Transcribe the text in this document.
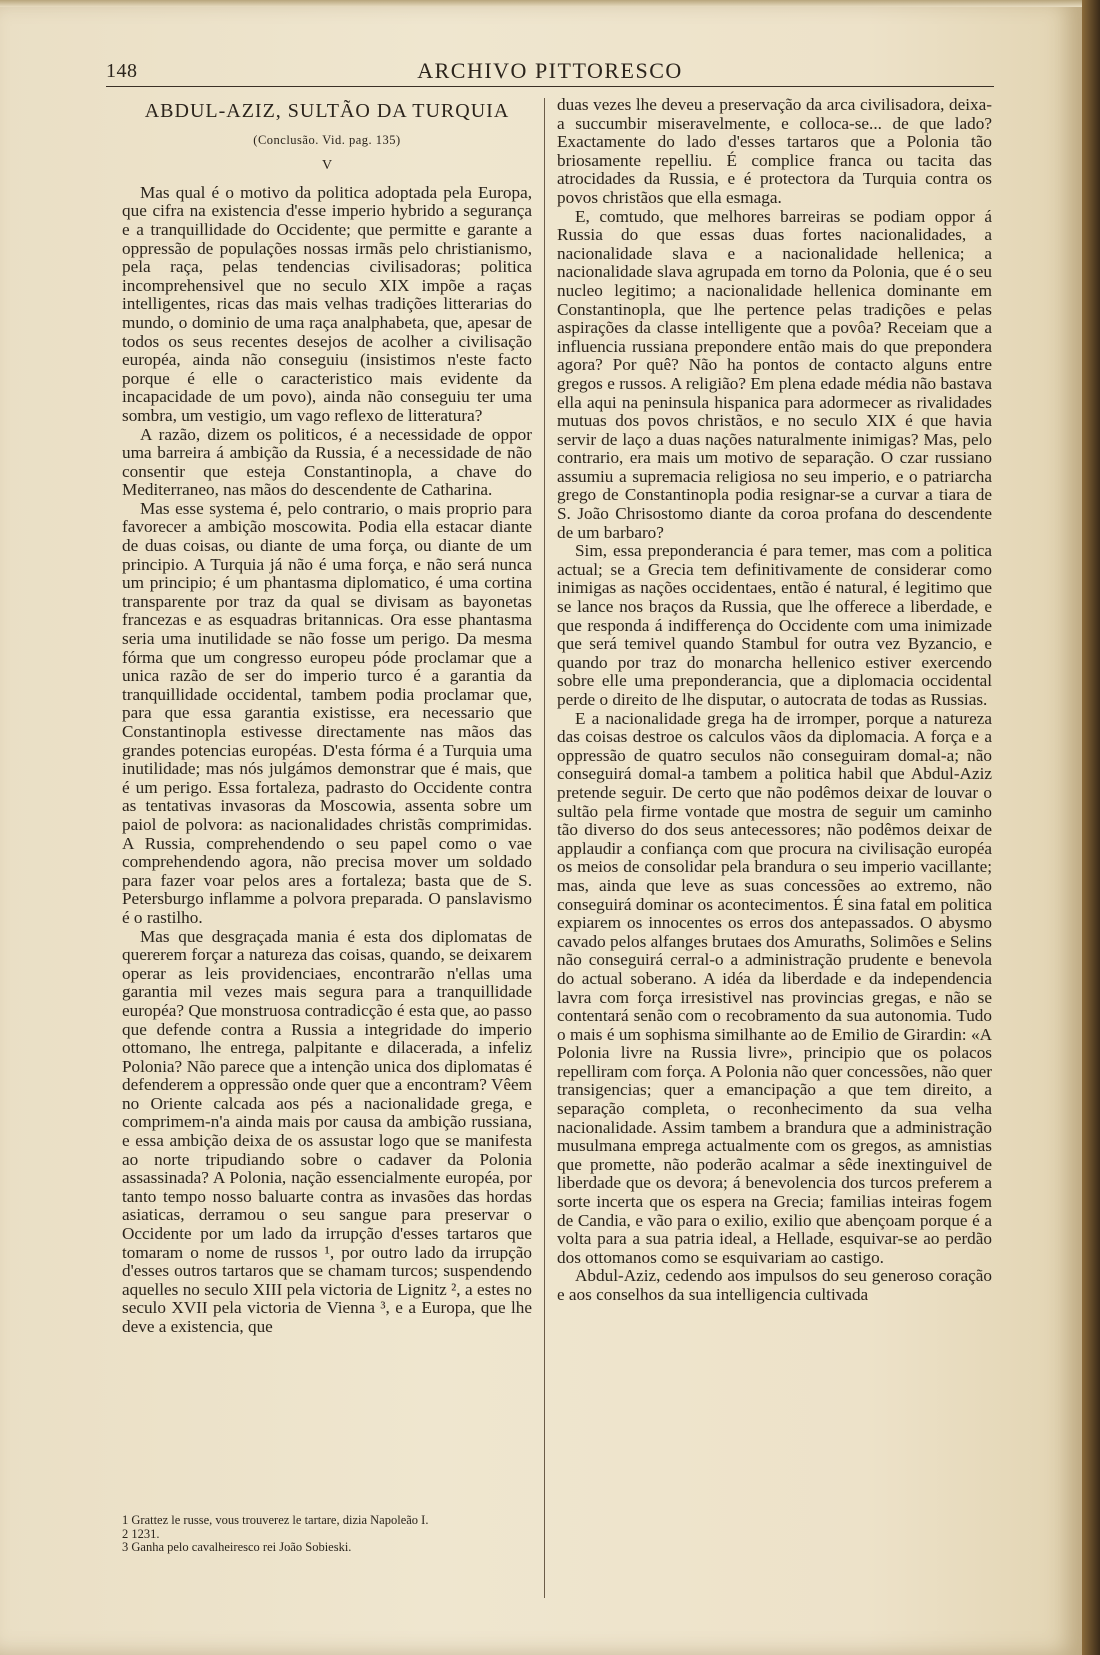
148	ARCHIVO PITTORESCO
ABDUL-AZIZ, SULTÃO DA TURQUIA
(Conclusão. Vid. pag. 135)
V

Mas qual é o motivo da politica adoptada pela Europa, que cifra na existencia d'esse imperio hybrido a segurança e a tranquillidade do Occidente; que permitte e garante a oppressão de populações nossas irmãs pelo christianismo, pela raça, pelas tendencias civilisadoras; politica incomprehensivel que no seculo XIX impõe a raças intelligentes, ricas das mais velhas tradições litterarias do mundo, o dominio de uma raça analphabeta, que, apesar de todos os seus recentes desejos de acolher a civilisação européa, ainda não conseguiu (insistimos n'este facto porque é elle o caracteristico mais evidente da incapacidade de um povo), ainda não conseguiu ter uma sombra, um vestigio, um vago reflexo de litteratura?

A razão, dizem os politicos, é a necessidade de oppor uma barreira á ambição da Russia, é a necessidade de não consentir que esteja Constantinopla, a chave do Mediterraneo, nas mãos do descendente de Catharina.

Mas esse systema é, pelo contrario, o mais proprio para favorecer a ambição moscowita. Podia ella estacar diante de duas coisas, ou diante de uma força, ou diante de um principio. A Turquia já não é uma força, e não será nunca um principio; é um phantasma diplomatico, é uma cortina transparente por traz da qual se divisam as bayonetas francezas e as esquadras britannicas. Ora esse phantasma seria uma inutilidade se não fosse um perigo. Da mesma fórma que um congresso europeu póde proclamar que a unica razão de ser do imperio turco é a garantia da tranquillidade occidental, tambem podia proclamar que, para que essa garantia existisse, era necessario que Constantinopla estivesse directamente nas mãos das grandes potencias européas. D'esta fórma é a Turquia uma inutilidade; mas nós julgámos demonstrar que é mais, que é um perigo. Essa fortaleza, padrasto do Occidente contra as tentativas invasoras da Moscowia, assenta sobre um paiol de polvora: as nacionalidades christãs comprimidas. A Russia, comprehendendo o seu papel como o vae comprehendendo agora, não precisa mover um soldado para fazer voar pelos ares a fortaleza; basta que de S. Petersburgo inflamme a polvora preparada. O panslavismo é o rastilho.

Mas que desgraçada mania é esta dos diplomatas de quererem forçar a natureza das coisas, quando, se deixarem operar as leis providenciaes, encontrarão n'ellas uma garantia mil vezes mais segura para a tranquillidade européa? Que monstruosa contradicção é esta que, ao passo que defende contra a Russia a integridade do imperio ottomano, lhe entrega, palpitante e dilacerada, a infeliz Polonia? Não parece que a intenção unica dos diplomatas é defenderem a oppressão onde quer que a encontram? Vêem no Oriente calcada aos pés a nacionalidade grega, e comprimem-n'a ainda mais por causa da ambição russiana, e essa ambição deixa de os assustar logo que se manifesta ao norte tripudiando sobre o cadaver da Polonia assassinada? A Polonia, nação essencialmente européa, por tanto tempo nosso baluarte contra as invasões das hordas asiaticas, derramou o seu sangue para preservar o Occidente por um lado da irrupção d'esses tartaros que tomaram o nome de russos ¹, por outro lado da irrupção d'esses outros tartaros que se chamam turcos; suspendendo aquelles no seculo XIII pela victoria de Lignitz ², a estes no seculo XVII pela victoria de Vienna ³, e a Europa, que lhe deve a existencia, que

1 Grattez le russe, vous trouverez le tartare, dizia Napoleão I.
2 1231.
3 Ganha pelo cavalheiresco rei João Sobieski.

duas vezes lhe deveu a preservação da arca civilisadora, deixa-a succumbir miseravelmente, e colloca-se... de que lado? Exactamente do lado d'esses tartaros que a Polonia tão briosamente repelliu. É complice franca ou tacita das atrocidades da Russia, e é protectora da Turquia contra os povos christãos que ella esmaga.

E, comtudo, que melhores barreiras se podiam oppor á Russia do que essas duas fortes nacionalidades, a nacionalidade slava e a nacionalidade hellenica; a nacionalidade slava agrupada em torno da Polonia, que é o seu nucleo legitimo; a nacionalidade hellenica dominante em Constantinopla, que lhe pertence pelas tradições e pelas aspirações da classe intelligente que a povôa? Receiam que a influencia russiana preponderе então mais do que prepondera agora? Por quê? Não ha pontos de contacto alguns entre gregos e russos. A religião? Em plena edade média não bastava ella aqui na peninsula hispanica para adormecer as rivalidades mutuas dos povos christãos, e no seculo XIX é que havia servir de laço a duas nações naturalmente inimigas? Mas, pelo contrario, era mais um motivo de separação. O czar russiano assumiu a supremacia religiosa no seu imperio, e o patriarcha grego de Constantinopla podia resignar-se a curvar a tiara de S. João Chrisostomo diante da coroa profana do descendente de um barbaro?

Sim, essa preponderancia é para temer, mas com a politica actual; se a Grecia tem definitivamente de considerar como inimigas as nações occidentaes, então é natural, é legitimo que se lance nos braços da Russia, que lhe offerece a liberdade, e que responda á indifferença do Occidente com uma inimizade que será temivel quando Stambul for outra vez Byzancio, e quando por traz do monarcha hellenico estiver exercendo sobre elle uma preponderancia, que a diplomacia occidental perde o direito de lhe disputar, o autocrata de todas as Russias.

E a nacionalidade grega ha de irromper, porque a natureza das coisas destroe os calculos vãos da diplomacia. A força e a oppressão de quatro seculos não conseguiram domal-a; não conseguirá domal-a tambem a politica habil que Abdul-Aziz pretende seguir. De certo que não podêmos deixar de louvar o sultão pela firme vontade que mostra de seguir um caminho tão diverso do dos seus antecessores; não podêmos deixar de applaudir a confiança com que procura na civilisação européa os meios de consolidar pela brandura o seu imperio vacillante; mas, ainda que leve as suas concessões ao extremo, não conseguirá dominar os acontecimentos. É sina fatal em politica expiarem os innocentes os erros dos antepassados. O abysmo cavado pelos alfanges brutaes dos Amuraths, Solimões e Selins não conseguirá cerral-o a administração prudente e benevola do actual soberano. A idéa da liberdade e da independencia lavra com força irresistivel nas provincias gregas, e não se contentará senão com o recobramento da sua autonomia. Tudo o mais é um sophisma similhante ao de Emilio de Girardin: «A Polonia livre na Russia livre», principio que os polacos repelliram com força. A Polonia não quer concessões, não quer transigencias; quer a emancipação a que tem direito, a separação completa, o reconhecimento da sua velha nacionalidade. Assim tambem a brandura que a administração musulmana emprega actualmente com os gregos, as amnistias que promette, não poderão acalmar a sêde inextinguivel de liberdade que os devora; á benevolencia dos turcos preferem a sorte incerta que os espera na Grecia; familias inteiras fogem de Candia, e vão para o exilio, exilio que abençoam porque é a volta para a sua patria ideal, a Hellade, esquivar-se ao perdão dos ottomanos como se esquivariam ao castigo.

Abdul-Aziz, cedendo aos impulsos do seu generoso coração e aos conselhos da sua intelligencia cultivada
